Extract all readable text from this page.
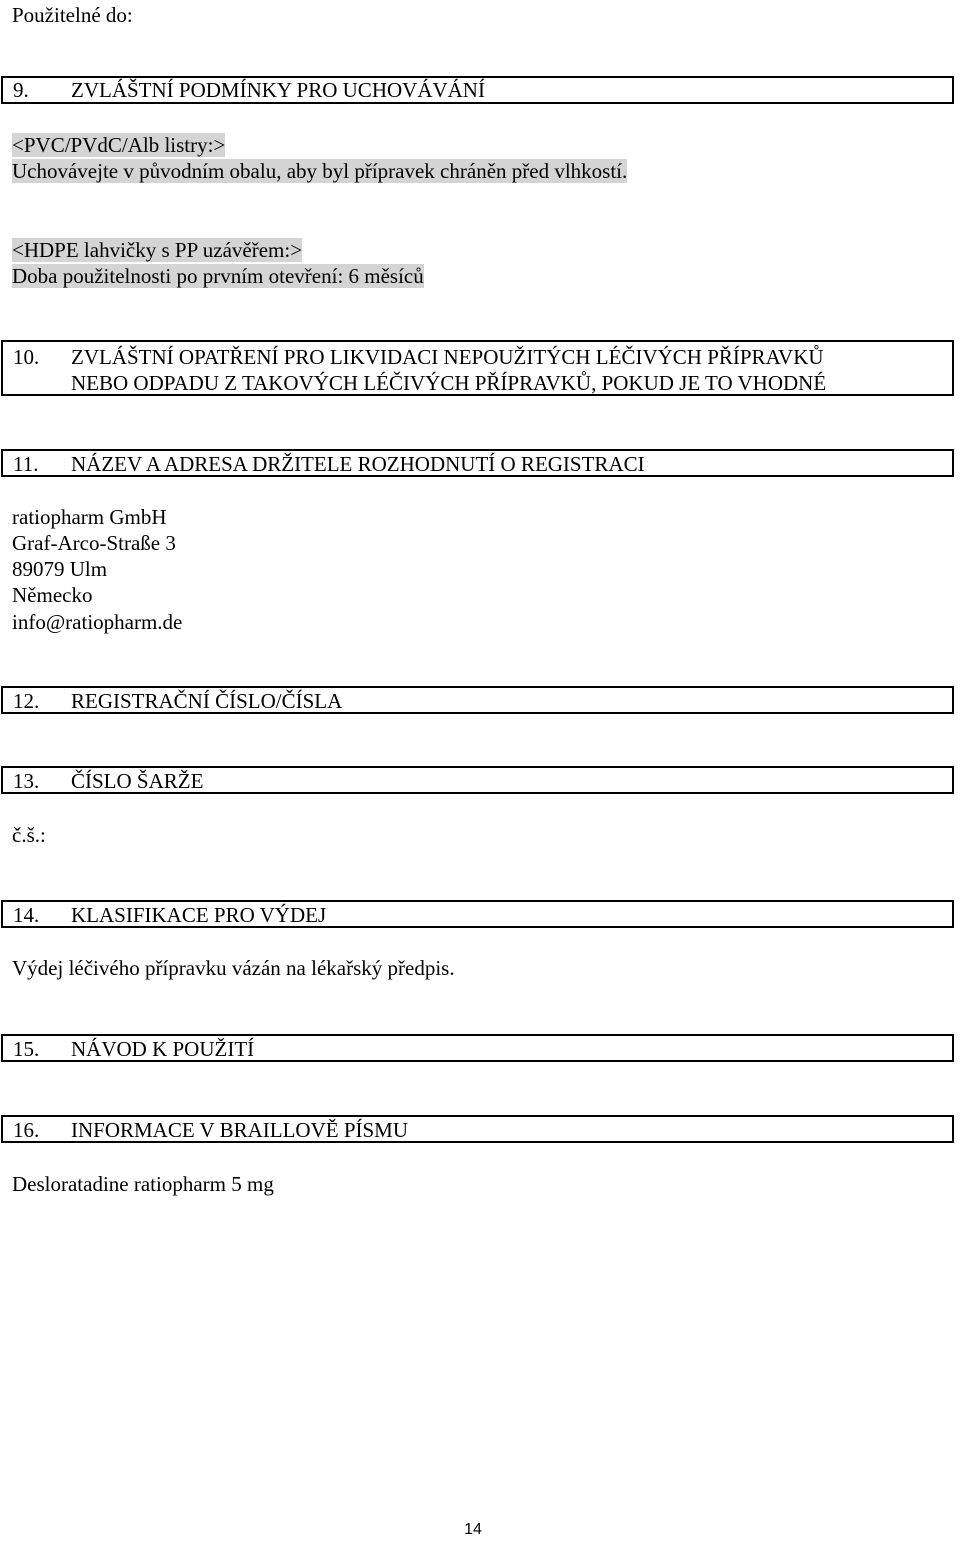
Použitelné do:
9. ZVLÁŠTNÍ PODMÍNKY PRO UCHOVÁVÁNÍ
<PVC/PVdC/Alb listry:>
Uchovávejte v původním obalu, aby byl přípravek chráněn před vlhkostí.
<HDPE lahvičky s PP uzávěřem:>
Doba použitelnosti po prvním otevření: 6 měsíců
10. ZVLÁŠTNÍ OPATŘENÍ PRO LIKVIDACI NEPOUŽITÝCH LÉČIVÝCH PŘÍPRAVKŮ
NEBO ODPADU Z TAKOVÝCH LÉČIVÝCH PŘÍPRAVKŮ, POKUD JE TO VHODNÉ
11. NÁZEV A ADRESA DRŽITELE ROZHODNUTÍ O REGISTRACI
ratiopharm GmbH
Graf-Arco-Straße 3
89079 Ulm
Německo
info@ratiopharm.de
12. REGISTRAČNÍ ČÍSLO/ČÍSLA
13. ČÍSLO ŠARŽE
č.š.:
14. KLASIFIKACE PRO VÝDEJ
Výdej léčivého přípravku vázán na lékařský předpis.
15. NÁVOD K POUŽITÍ
16. INFORMACE V BRAILLOVĚ PÍSMU
Desloratadine ratiopharm 5 mg
14
